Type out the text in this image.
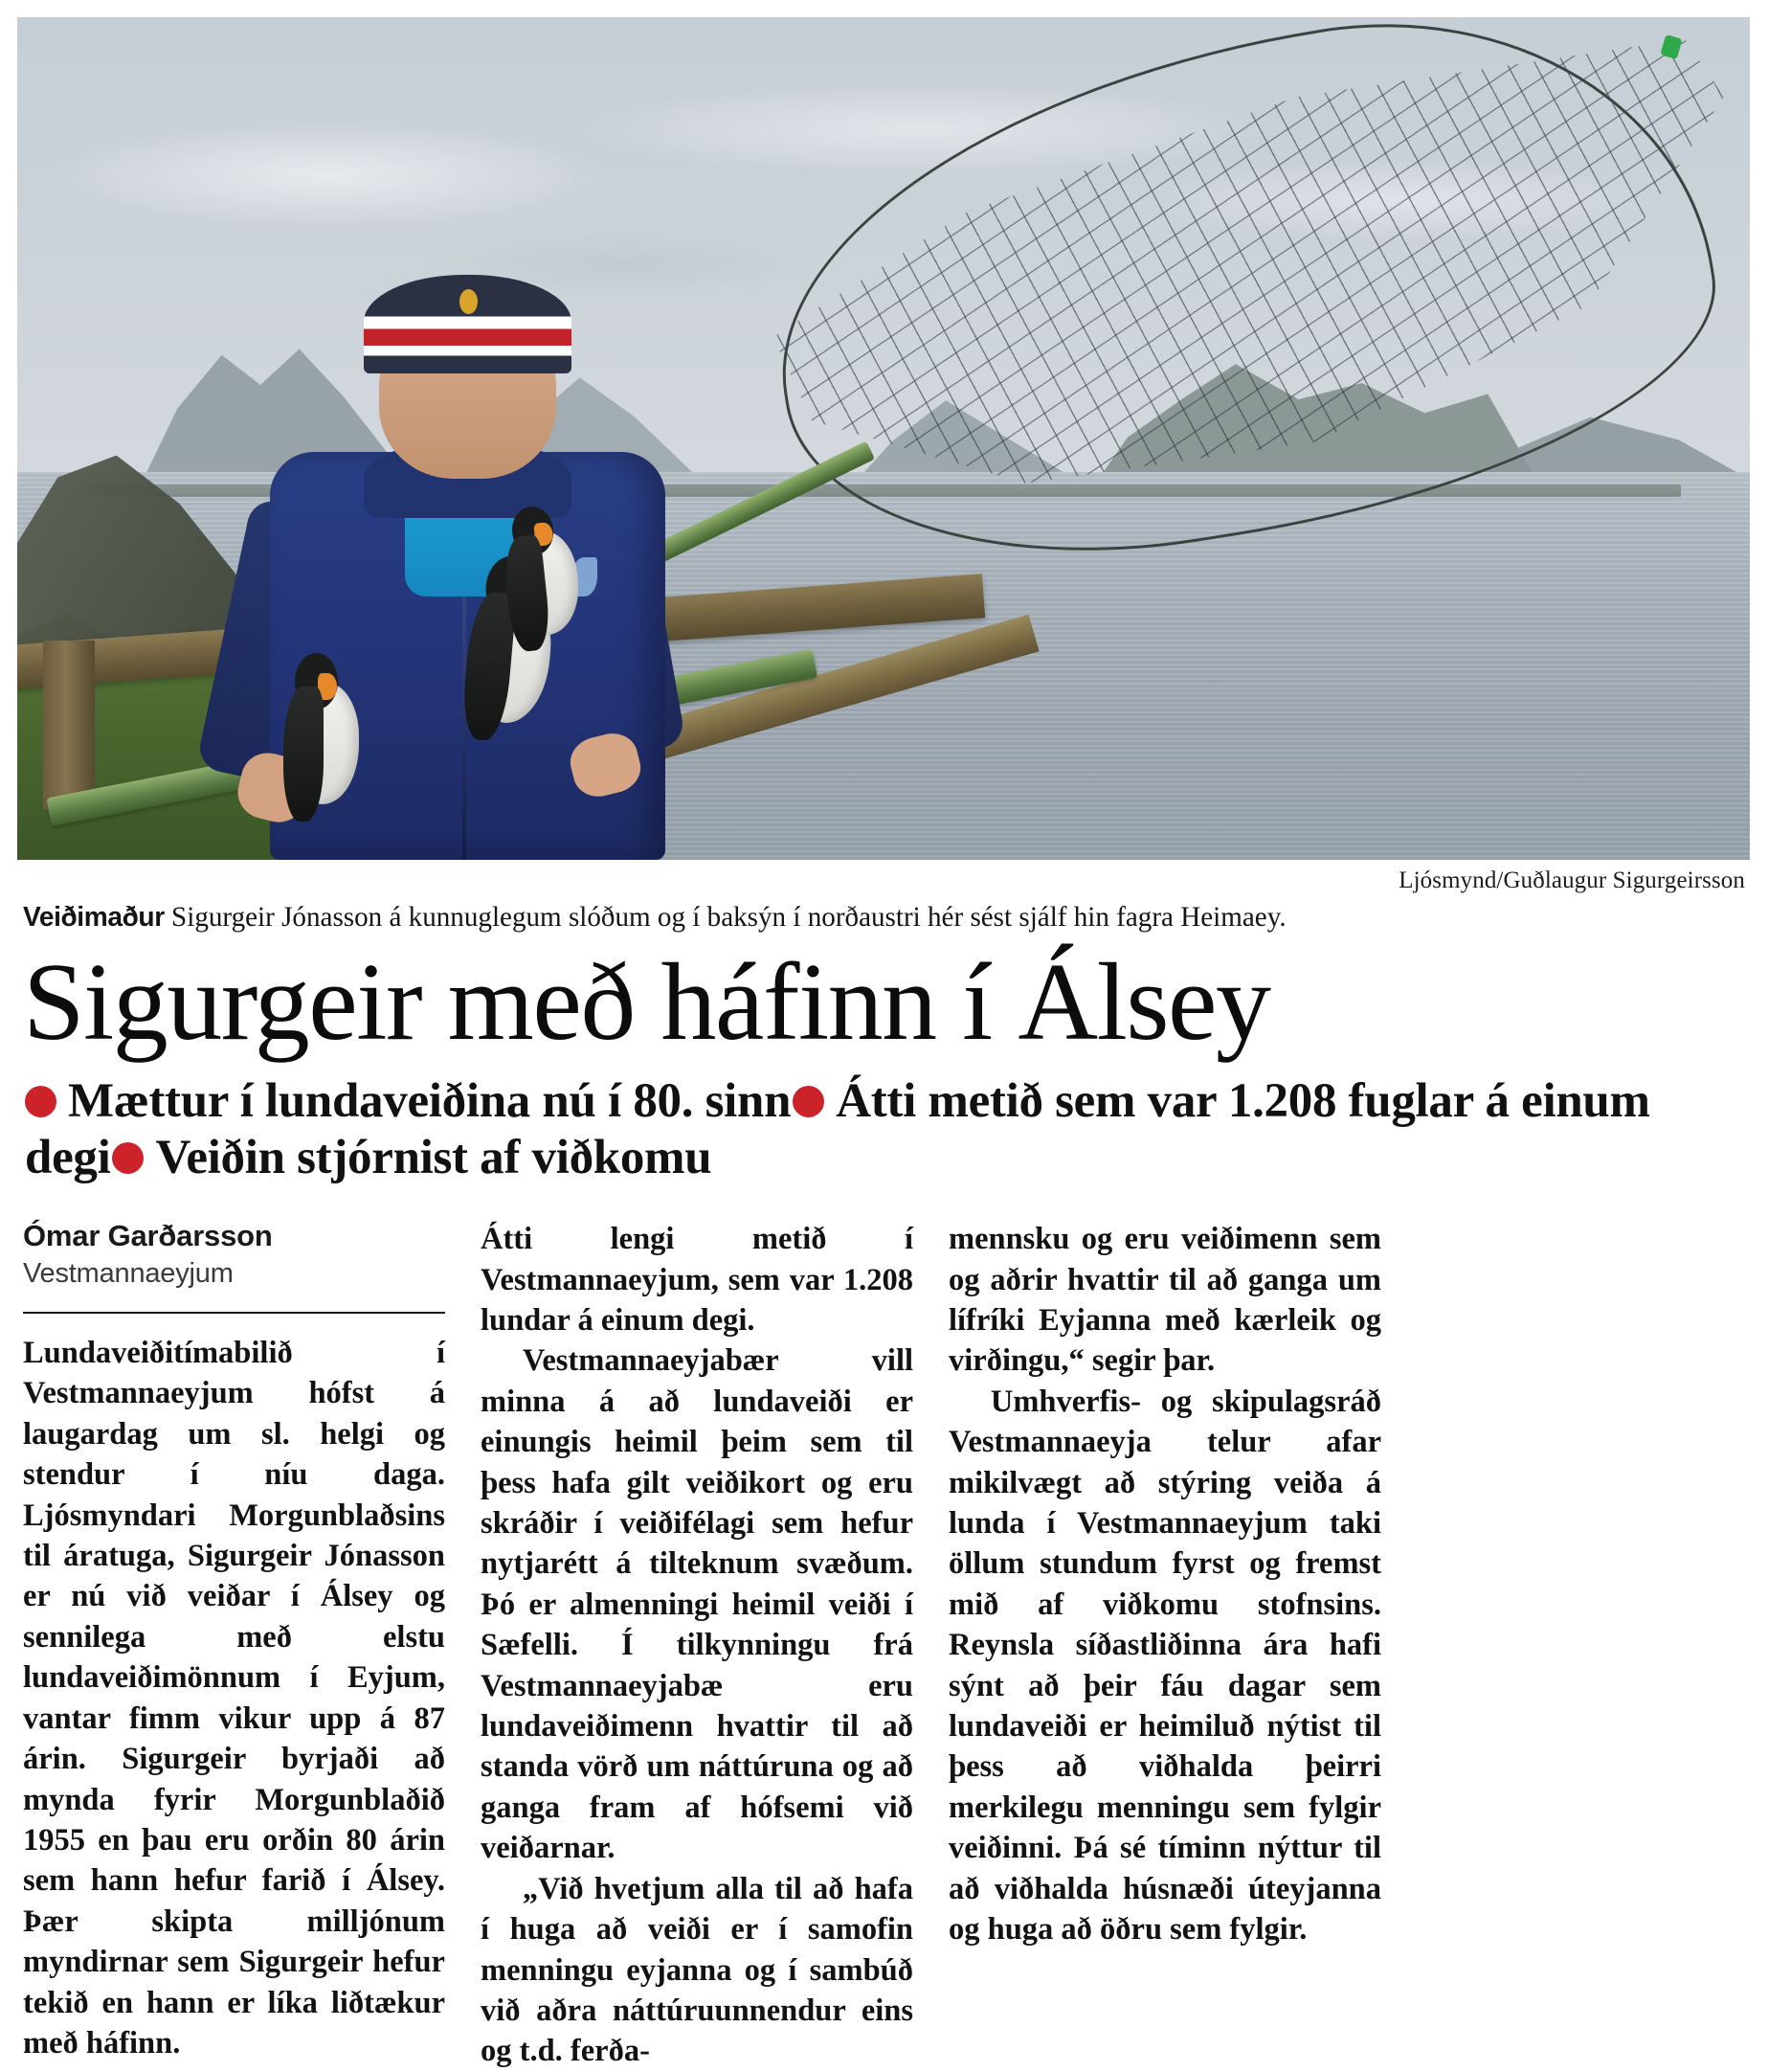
Ljósmynd/Guðlaugur Sigurgeirsson
Veiðimaður Sigurgeir Jónasson á kunnuglegum slóðum og í baksýn í norðaustri hér sést sjálf hin fagra Heimaey.
Sigurgeir með háfinn í Álsey
Mættur í lundaveiðina nú í 80. sinn Átti metið sem var 1.208 fuglar á einum degi Veiðin stjórnist af viðkomu
Ómar Garðarsson
Vestmannaeyjum

Lundaveiðitímabilið í Vestmannaeyjum hófst á laugardag um sl. helgi og stendur í níu daga. Ljósmyndari Morgunblaðsins til áratuga, Sigurgeir Jónasson er nú við veiðar í Álsey og sennilega með elstu lundaveiðimönnum í Eyjum, vantar fimm vikur upp á 87 árin. Sigurgeir byrjaði að mynda fyrir Morgunblaðið 1955 en þau eru orðin 80 árin sem hann hefur farið í Álsey. Þær skipta milljónum myndirnar sem Sigurgeir hefur tekið en hann er líka liðtækur með háfinn.

Átti lengi metið í Vestmannaeyjum, sem var 1.208 lundar á einum degi.

Vestmannaeyjabær vill minna á að lundaveiði er einungis heimil þeim sem til þess hafa gilt veiðikort og eru skráðir í veiðifélagi sem hefur nytjarétt á tilteknum svæðum. Þó er almenningi heimil veiði í Sæfelli. Í tilkynningu frá Vestmannaeyjabæ eru lundaveiðimenn hvattir til að standa vörð um náttúruna og að ganga fram af hófsemi við veiðarnar.

„Við hvetjum alla til að hafa í huga að veiði er í samofin menningu eyjanna og í sambúð við aðra náttúruunnendur eins og t.d. ferða-

mennsku og eru veiðimenn sem og aðrir hvattir til að ganga um lífríki Eyjanna með kærleik og virðingu,“ segir þar.

Umhverfis- og skipulagsráð Vestmannaeyja telur afar mikilvægt að stýring veiða á lunda í Vestmannaeyjum taki öllum stundum fyrst og fremst mið af viðkomu stofnsins. Reynsla síðastliðinna ára hafi sýnt að þeir fáu dagar sem lundaveiði er heimiluð nýtist til þess að viðhalda þeirri merkilegu menningu sem fylgir veiðinni. Þá sé tíminn nýttur til að viðhalda húsnæði úteyjanna og huga að öðru sem fylgir.
